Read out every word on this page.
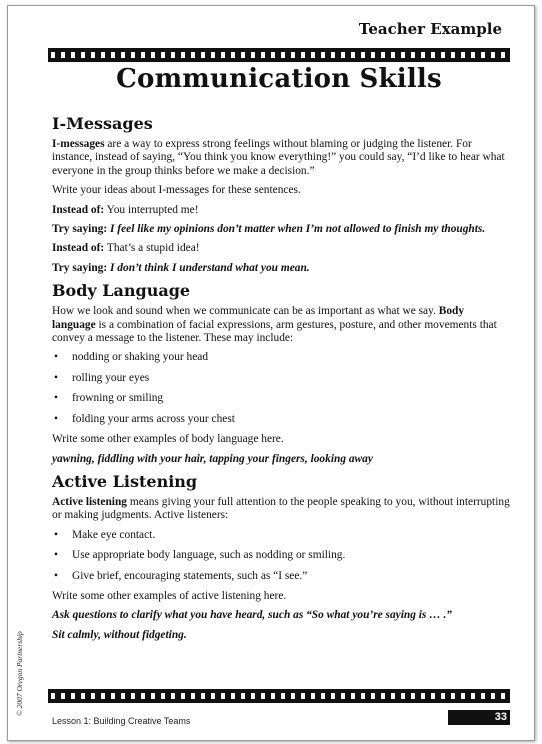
Teacher Example
Communication Skills
I-Messages

I-messages are a way to express strong feelings without blaming or judging the listener. For instance, instead of saying, “You think you know everything!” you could say, “I’d like to hear what everyone in the group thinks before we make a decision.”

Write your ideas about I-messages for these sentences.

Instead of: You interrupted me!

Try saying: I feel like my opinions don’t matter when I’m not allowed to finish my thoughts.

Instead of: That’s a stupid idea!

Try saying: I don’t think I understand what you mean.

Body Language

How we look and sound when we communicate can be as important as what we say. Body language is a combination of facial expressions, arm gestures, posture, and other movements that convey a message to the listener. These may include:

• nodding or shaking your head
• rolling your eyes
• frowning or smiling
• folding your arms across your chest

Write some other examples of body language here.

yawning, fiddling with your hair, tapping your fingers, looking away

Active Listening

Active listening means giving your full attention to the people speaking to you, without interrupting or making judgments. Active listeners:

• Make eye contact.
• Use appropriate body language, such as nodding or smiling.
• Give brief, encouraging statements, such as “I see.”

Write some other examples of active listening here.

Ask questions to clarify what you have heard, such as “So what you’re saying is … .”

Sit calmly, without fidgeting.

© 2007 Oregon Partnership
Lesson 1: Building Creative Teams	33
